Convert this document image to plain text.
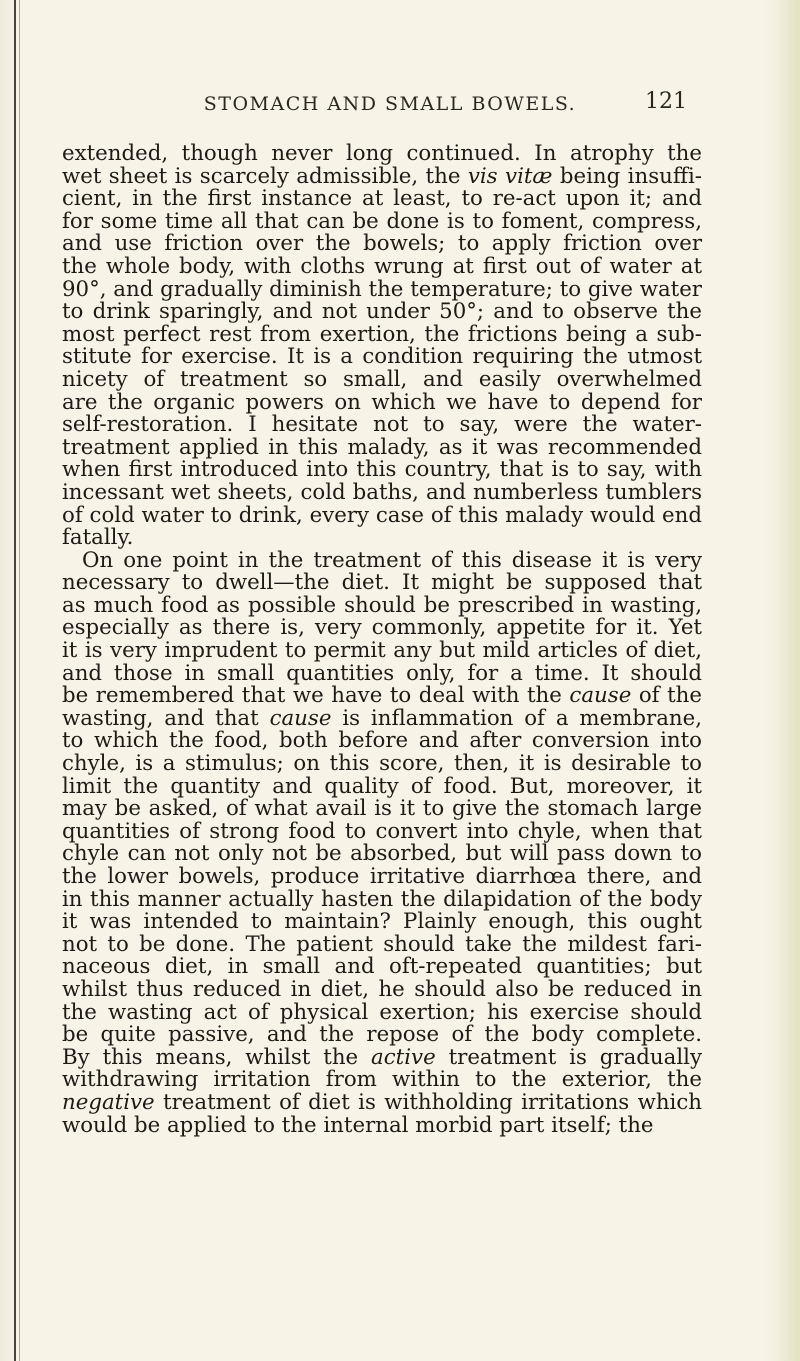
STOMACH AND SMALL BOWELS.	121
extended, though never long continued. In atrophy the
wet sheet is scarcely admissible, the vis vitæ being insuffi-
cient, in the first instance at least, to re-act upon it; and
for some time all that can be done is to foment, compress,
and use friction over the bowels; to apply friction over
the whole body, with cloths wrung at first out of water at
90°, and gradually diminish the temperature; to give water
to drink sparingly, and not under 50°; and to observe the
most perfect rest from exertion, the frictions being a sub-
stitute for exercise. It is a condition requiring the utmost
nicety of treatment so small, and easily overwhelmed
are the organic powers on which we have to depend for
self-restoration. I hesitate not to say, were the water-
treatment applied in this malady, as it was recommended
when first introduced into this country, that is to say, with
incessant wet sheets, cold baths, and numberless tumblers
of cold water to drink, every case of this malady would end
fatally.
On one point in the treatment of this disease it is very
necessary to dwell—the diet. It might be supposed that
as much food as possible should be prescribed in wasting,
especially as there is, very commonly, appetite for it. Yet
it is very imprudent to permit any but mild articles of diet,
and those in small quantities only, for a time. It should
be remembered that we have to deal with the cause of the
wasting, and that cause is inflammation of a membrane,
to which the food, both before and after conversion into
chyle, is a stimulus; on this score, then, it is desirable to
limit the quantity and quality of food. But, moreover, it
may be asked, of what avail is it to give the stomach large
quantities of strong food to convert into chyle, when that
chyle can not only not be absorbed, but will pass down to
the lower bowels, produce irritative diarrhœa there, and
in this manner actually hasten the dilapidation of the body
it was intended to maintain? Plainly enough, this ought
not to be done. The patient should take the mildest fari-
naceous diet, in small and oft-repeated quantities; but
whilst thus reduced in diet, he should also be reduced in
the wasting act of physical exertion; his exercise should
be quite passive, and the repose of the body complete.
By this means, whilst the active treatment is gradually
withdrawing irritation from within to the exterior, the
negative treatment of diet is withholding irritations which
would be applied to the internal morbid part itself; the
